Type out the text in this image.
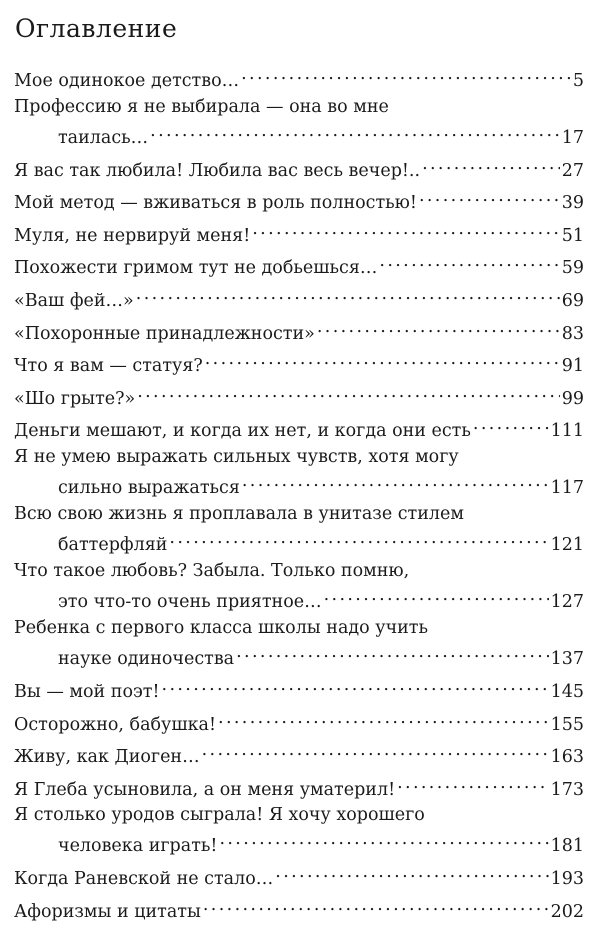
Оглавление
Мое одинокое детство… . . .	5
Профессию я не выбирала — она во мне
таилась… . . .	17
Я вас так любила! Любила вас весь вечер!.. . . .	27
Мой метод — вживаться в роль полностью! . . .	39
Муля, не нервируй меня! . . .	51
Похожести гримом тут не добьешься… . . .	59
«Ваш фей…» . . .	69
«Похоронные принадлежности» . . .	83
Что я вам — статуя? . . .	91
«Шо грыте?» . . .	99
Деньги мешают, и когда их нет, и когда они есть . . .	111
Я не умею выражать сильных чувств, хотя могу
сильно выражаться . . .	117
Всю свою жизнь я проплавала в унитазе стилем
баттерфляй . . .	121
Что такое любовь? Забыла. Только помню,
это что-то очень приятное… . . .	127
Ребенка с первого класса школы надо учить
науке одиночества . . .	137
Вы — мой поэт! . . .	145
Осторожно, бабушка! . . .	155
Живу, как Диоген… . . .	163
Я Глеба усыновила, а он меня уматерил! . . .	173
Я столько уродов сыграла! Я хочу хорошего
человека играть! . . .	181
Когда Раневской не стало… . . .	193
Афоризмы и цитаты . . .	202
